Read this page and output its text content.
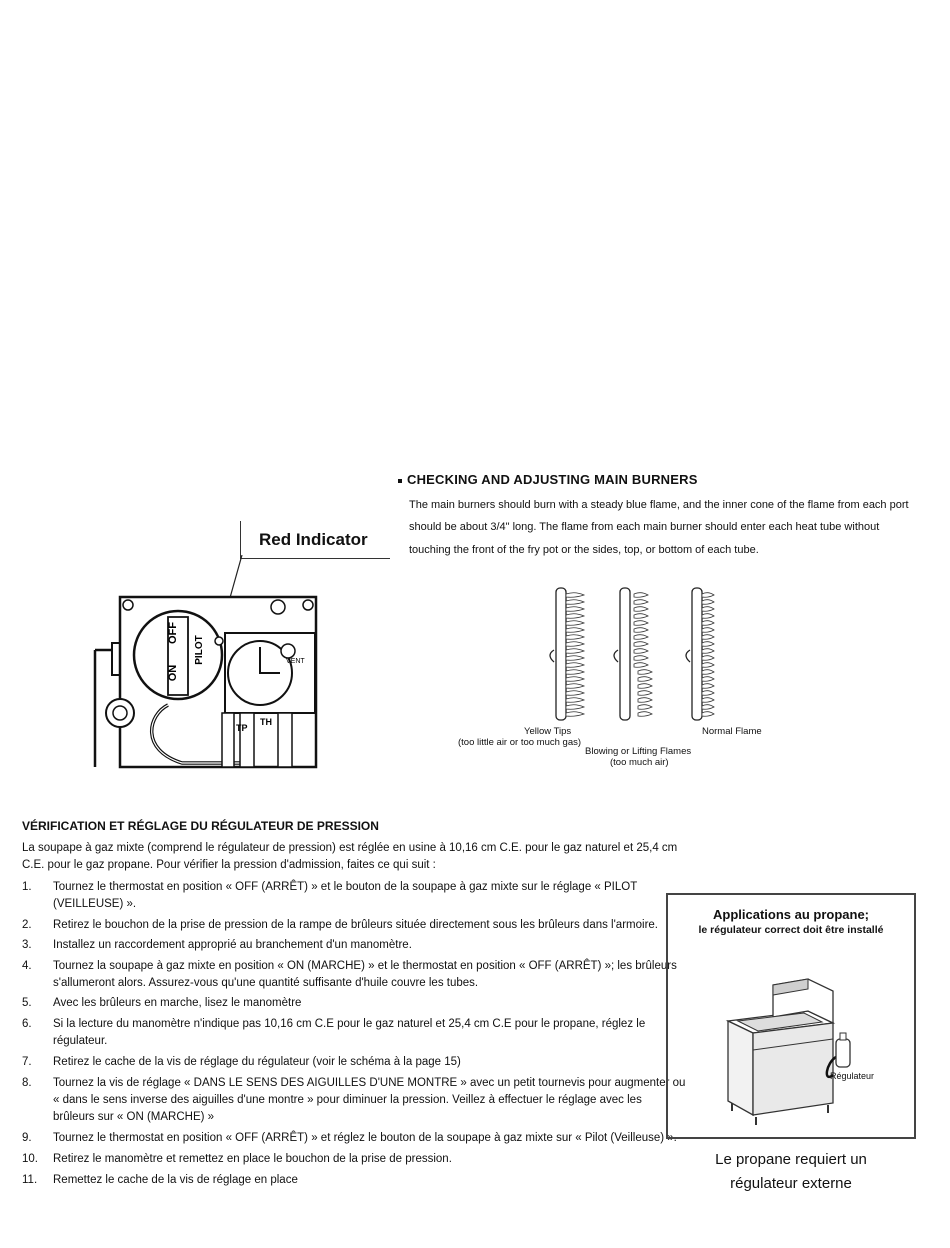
CHECKING AND ADJUSTING MAIN BURNERS
The main burners should burn with a steady blue flame, and the inner cone of the flame from each port
should be about 3/4" long. The flame from each main burner should enter each heat tube without
touching the front of the fry pot or the sides, top, or bottom of each tube.
Red Indicator
OFF
ON
PILOT	VENT
TP
TH
Yellow Tips
(too little air or too much gas)
Blowing or Lifting Flames
(too much air)
Normal Flame
VÉRIFICATION ET RÉGLAGE DU RÉGULATEUR DE PRESSION
La soupape à gaz mixte (comprend le régulateur de pression) est réglée en usine à 10,16 cm C.E. pour le gaz naturel et 25,4 cm
C.E. pour le gaz propane. Pour vérifier la pression d'admission, faites ce qui suit :
1.	Tournez le thermostat en position « OFF (ARRÊT) » et le bouton de la soupape à gaz mixte sur le réglage « PILOT
(VEILLEUSE) ».
2.	Retirez le bouchon de la prise de pression de la rampe de brûleurs située directement sous les brûleurs dans l'armoire.
3.	Installez un raccordement approprié au branchement d'un manomètre.
4.	Tournez la soupape à gaz mixte en position « ON (MARCHE) » et le thermostat en position « OFF (ARRÊT) »; les brûleurs
s'allumeront alors. Assurez-vous qu'une quantité suffisante d'huile couvre les tubes.
5.	Avec les brûleurs en marche, lisez le manomètre
6.	Si la lecture du manomètre n'indique pas 10,16 cm C.E pour le gaz naturel et 25,4 cm C.E pour le propane, réglez le
régulateur.
7.	Retirez le cache de la vis de réglage du régulateur (voir le schéma à la page 15)
8.	Tournez la vis de réglage « DANS LE SENS DES AIGUILLES D'UNE MONTRE » avec un petit tournevis pour augmenter ou
« dans le sens inverse des aiguilles d'une montre » pour diminuer la pression. Veillez à effectuer le réglage avec les
brûleurs sur « ON (MARCHE) »
9.	Tournez le thermostat en position « OFF (ARRÊT) » et réglez le bouton de la soupape à gaz mixte sur « Pilot (Veilleuse) ».
10.	Retirez le manomètre et remettez en place le bouchon de la prise de pression.
11.	Remettez le cache de la vis de réglage en place
Applications au propane;
le régulateur correct doit être installé
Régulateur
Le propane requiert un
régulateur externe
